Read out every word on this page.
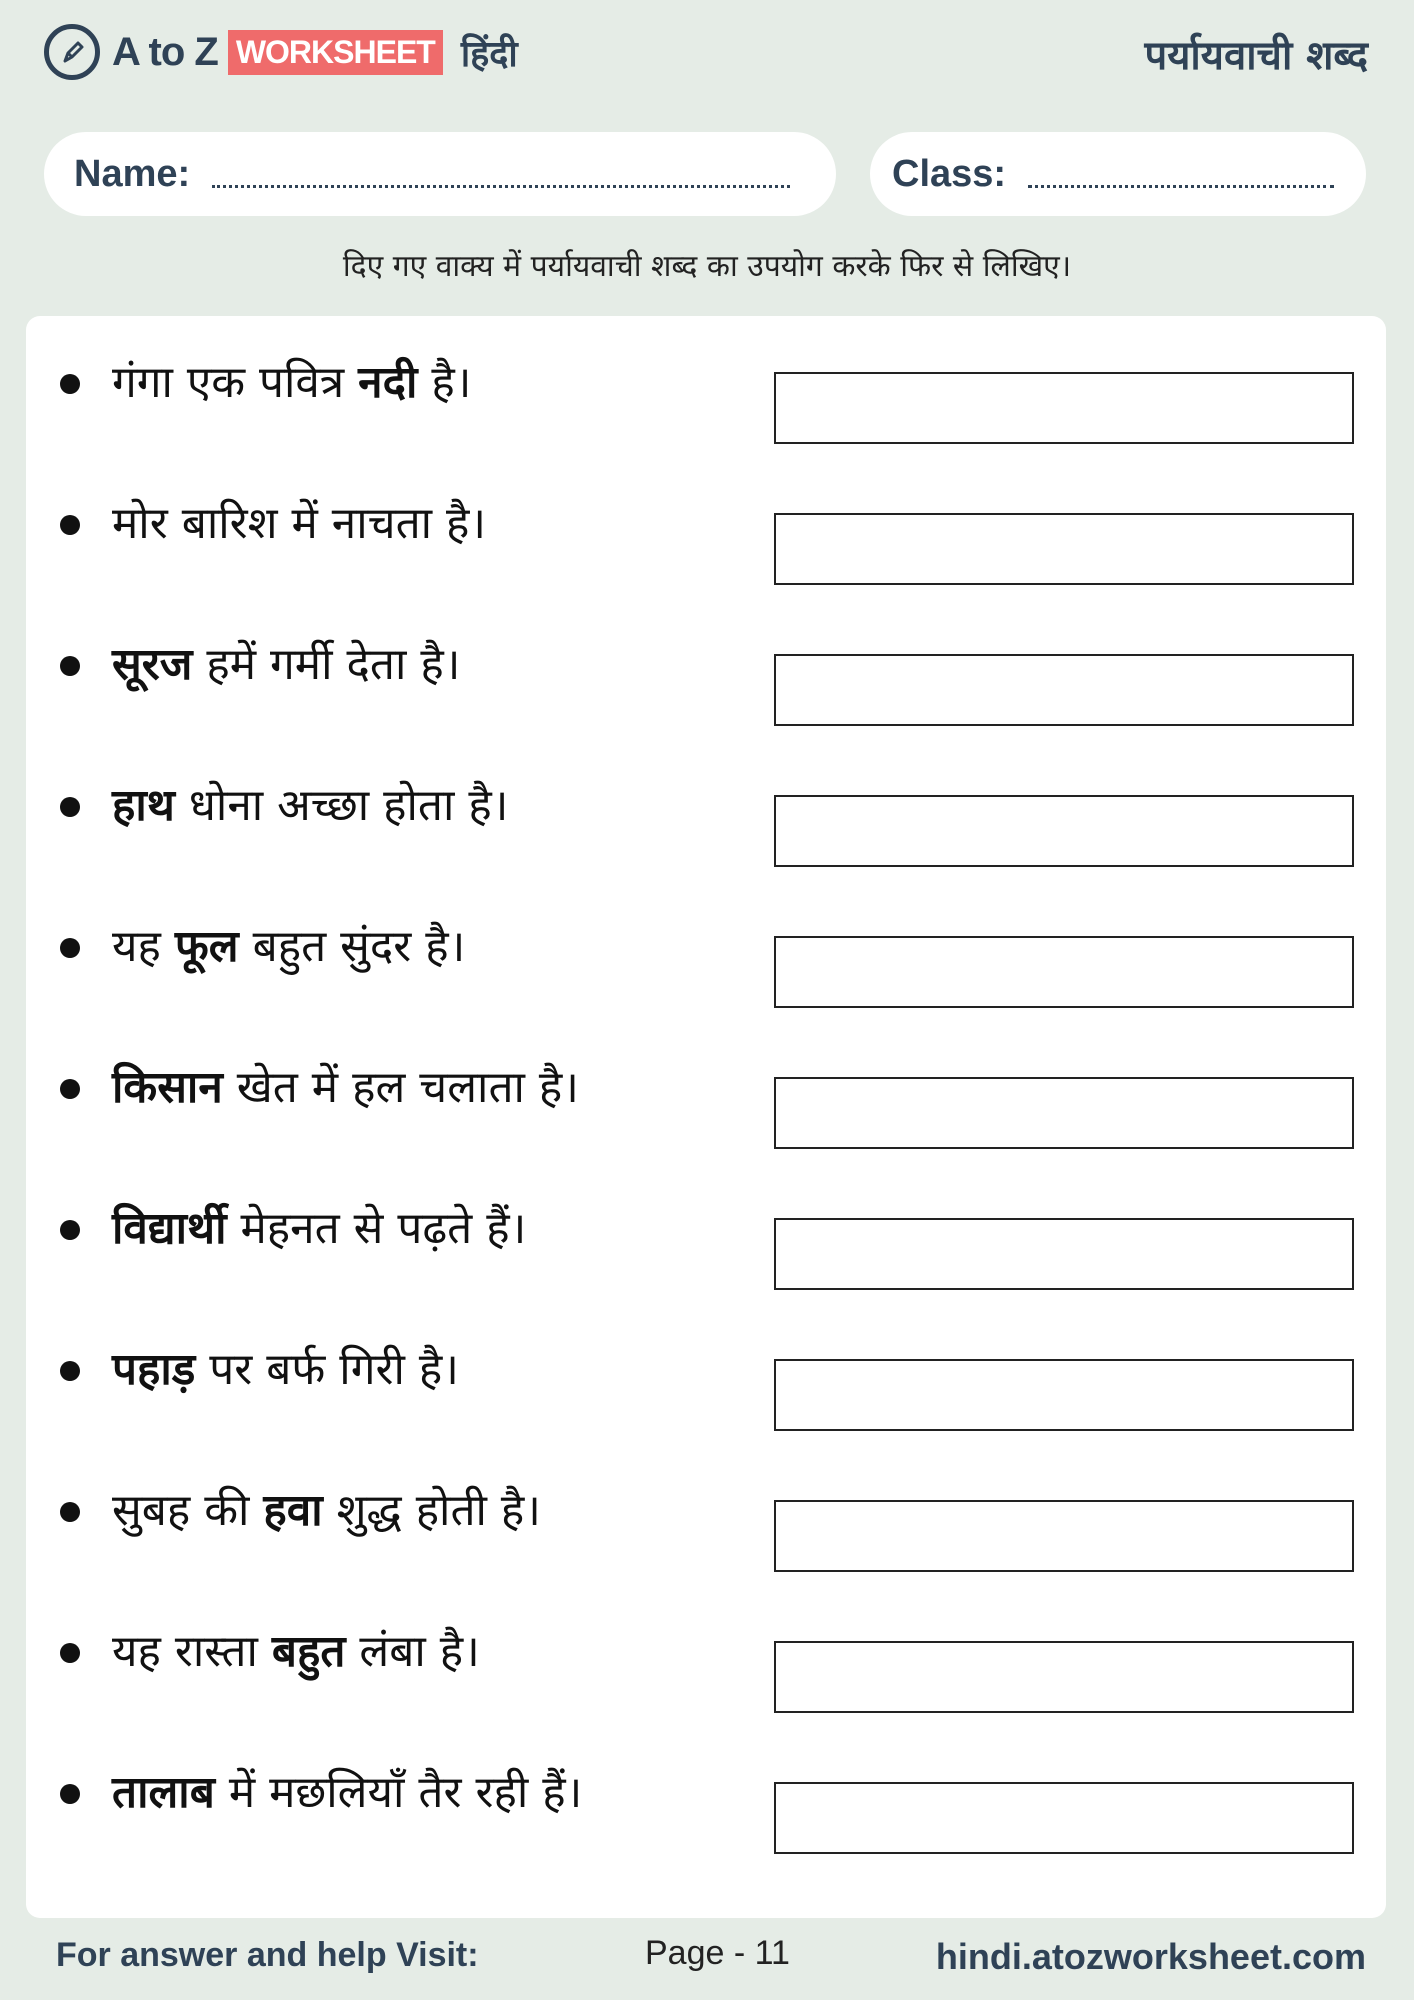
A to Z WORKSHEET हिंदी	पर्यायवाची शब्द
Name:	Class:
दिए गए वाक्य में पर्यायवाची शब्द का उपयोग करके फिर से लिखिए।
गंगा एक पवित्र नदी है।
मोर बारिश में नाचता है।
सूरज हमें गर्मी देता है।
हाथ धोना अच्छा होता है।
यह फूल बहुत सुंदर है।
किसान खेत में हल चलाता है।
विद्यार्थी मेहनत से पढ़ते हैं।
पहाड़ पर बर्फ गिरी है।
सुबह की हवा शुद्ध होती है।
यह रास्ता बहुत लंबा है।
तालाब में मछलियाँ तैर रही हैं।
For answer and help Visit:	Page - 11	hindi.atozworksheet.com
